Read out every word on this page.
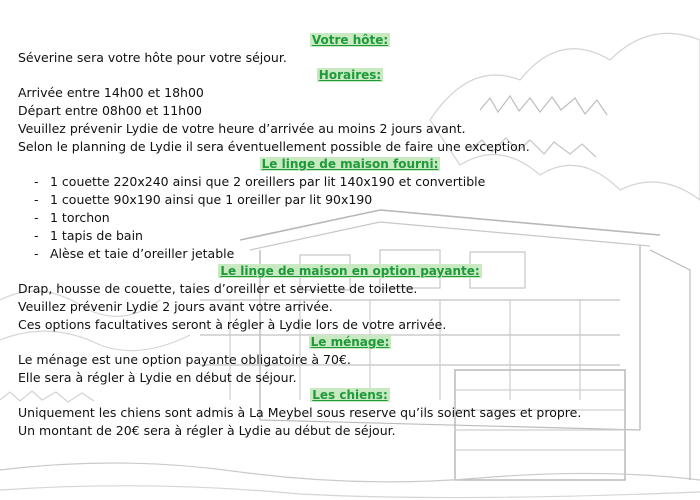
Votre hôte:

Séverine sera votre hôte pour votre séjour.

Horaires:

Arrivée entre 14h00 et 18h00

Départ entre 08h00 et 11h00

Veuillez prévenir Lydie de votre heure d’arrivée au moins 2 jours avant.

Selon le planning de Lydie il sera éventuellement possible de faire une exception.

Le linge de maison fourni:
- 1 couette 220x240 ainsi que 2 oreillers par lit 140x190 et convertible
- 1 couette 90x190 ainsi que 1 oreiller par lit 90x190
- 1 torchon
- 1 tapis de bain
- Alèse et taie d’oreiller jetable
Le linge de maison en option payante:

Drap, housse de couette, taies d’oreiller et serviette de toilette.

Veuillez prévenir Lydie 2 jours avant votre arrivée.

Ces options facultatives seront à régler à Lydie lors de votre arrivée.

Le ménage:

Le ménage est une option payante obligatoire à 70€.

Elle sera à régler à Lydie en début de séjour.

Les chiens:

Uniquement les chiens sont admis à La Meybel sous reserve qu’ils soient sages et propre.

Un montant de 20€ sera à régler à Lydie au début de séjour.
